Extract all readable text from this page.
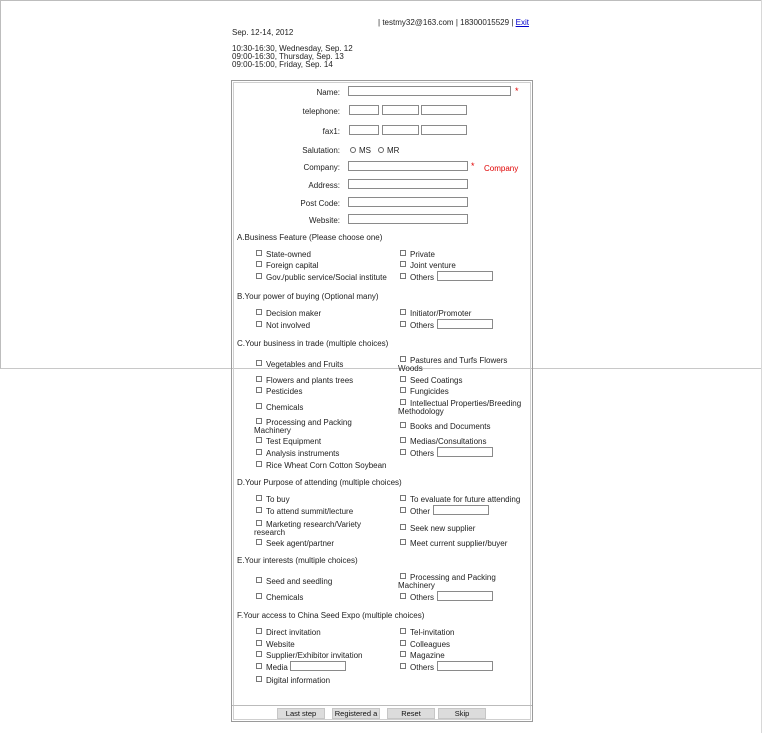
| testmy32@163.com | 18300015529 | Exit
Sep. 12-14, 2012
10:30-16:30, Wednesday, Sep. 12
09:00-16:30, Thursday, Sep. 13
09:00-15:00, Friday, Sep. 14
Name:	*
telephone:
fax1:
Salutation: MS MR
Company:	* Company
Address:
Post Code:
Website:
A.Business Feature (Please choose one)
State-owned
Foreign capital
Gov./public service/Social institute
Private
Joint venture
Others
B.Your power of buying (Optional many)
Decision maker
Not involved
Initiator/Promoter
Others
C.Your business in trade (multiple choices)
Vegetables and Fruits	Pastures and Turfs Flowers
Woods
Flowers and plants trees	Seed Coatings
Pesticides	Fungicides
Chemicals	Intellectual Properties/Breeding
Methodology
Processing and Packing
Machinery	Books and Documents
Test Equipment	Medias/Consultations
Analysis instruments	Others
Rice Wheat Corn Cotton Soybean
D.Your Purpose of attending (multiple choices)
To buy	To evaluate for future attending
To attend summit/lecture	Other
Marketing research/Variety
research	Seek new supplier
Seek agent/partner	Meet current supplier/buyer
E.Your interests (multiple choices)
Seed and seedling	Processing and Packing
Machinery
Chemicals	Others
F.Your access to China Seed Expo (multiple choices)
Direct invitation	Tel-invitation
Website	Colleagues
Supplier/Exhibitor invitation	Magazine
Media	Others
Digital information
Last step	Registered a	Reset	Skip
